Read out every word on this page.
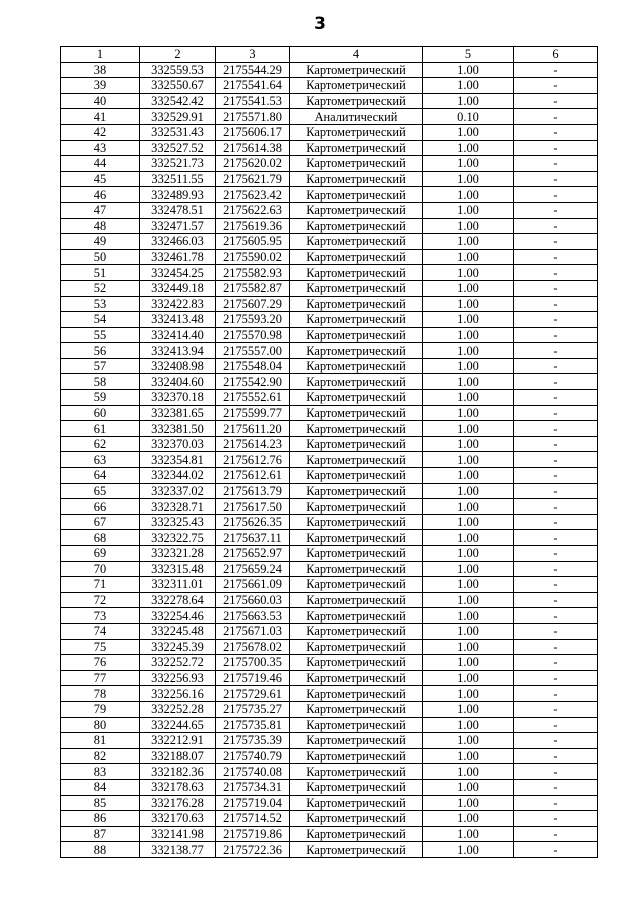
3
1	2	3	4	5	6
38	332559.53	2175544.29	Картометрический	1.00	-
39	332550.67	2175541.64	Картометрический	1.00	-
40	332542.42	2175541.53	Картометрический	1.00	-
41	332529.91	2175571.80	Аналитический	0.10	-
42	332531.43	2175606.17	Картометрический	1.00	-
43	332527.52	2175614.38	Картометрический	1.00	-
44	332521.73	2175620.02	Картометрический	1.00	-
45	332511.55	2175621.79	Картометрический	1.00	-
46	332489.93	2175623.42	Картометрический	1.00	-
47	332478.51	2175622.63	Картометрический	1.00	-
48	332471.57	2175619.36	Картометрический	1.00	-
49	332466.03	2175605.95	Картометрический	1.00	-
50	332461.78	2175590.02	Картометрический	1.00	-
51	332454.25	2175582.93	Картометрический	1.00	-
52	332449.18	2175582.87	Картометрический	1.00	-
53	332422.83	2175607.29	Картометрический	1.00	-
54	332413.48	2175593.20	Картометрический	1.00	-
55	332414.40	2175570.98	Картометрический	1.00	-
56	332413.94	2175557.00	Картометрический	1.00	-
57	332408.98	2175548.04	Картометрический	1.00	-
58	332404.60	2175542.90	Картометрический	1.00	-
59	332370.18	2175552.61	Картометрический	1.00	-
60	332381.65	2175599.77	Картометрический	1.00	-
61	332381.50	2175611.20	Картометрический	1.00	-
62	332370.03	2175614.23	Картометрический	1.00	-
63	332354.81	2175612.76	Картометрический	1.00	-
64	332344.02	2175612.61	Картометрический	1.00	-
65	332337.02	2175613.79	Картометрический	1.00	-
66	332328.71	2175617.50	Картометрический	1.00	-
67	332325.43	2175626.35	Картометрический	1.00	-
68	332322.75	2175637.11	Картометрический	1.00	-
69	332321.28	2175652.97	Картометрический	1.00	-
70	332315.48	2175659.24	Картометрический	1.00	-
71	332311.01	2175661.09	Картометрический	1.00	-
72	332278.64	2175660.03	Картометрический	1.00	-
73	332254.46	2175663.53	Картометрический	1.00	-
74	332245.48	2175671.03	Картометрический	1.00	-
75	332245.39	2175678.02	Картометрический	1.00	-
76	332252.72	2175700.35	Картометрический	1.00	-
77	332256.93	2175719.46	Картометрический	1.00	-
78	332256.16	2175729.61	Картометрический	1.00	-
79	332252.28	2175735.27	Картометрический	1.00	-
80	332244.65	2175735.81	Картометрический	1.00	-
81	332212.91	2175735.39	Картометрический	1.00	-
82	332188.07	2175740.79	Картометрический	1.00	-
83	332182.36	2175740.08	Картометрический	1.00	-
84	332178.63	2175734.31	Картометрический	1.00	-
85	332176.28	2175719.04	Картометрический	1.00	-
86	332170.63	2175714.52	Картометрический	1.00	-
87	332141.98	2175719.86	Картометрический	1.00	-
88	332138.77	2175722.36	Картометрический	1.00	-
